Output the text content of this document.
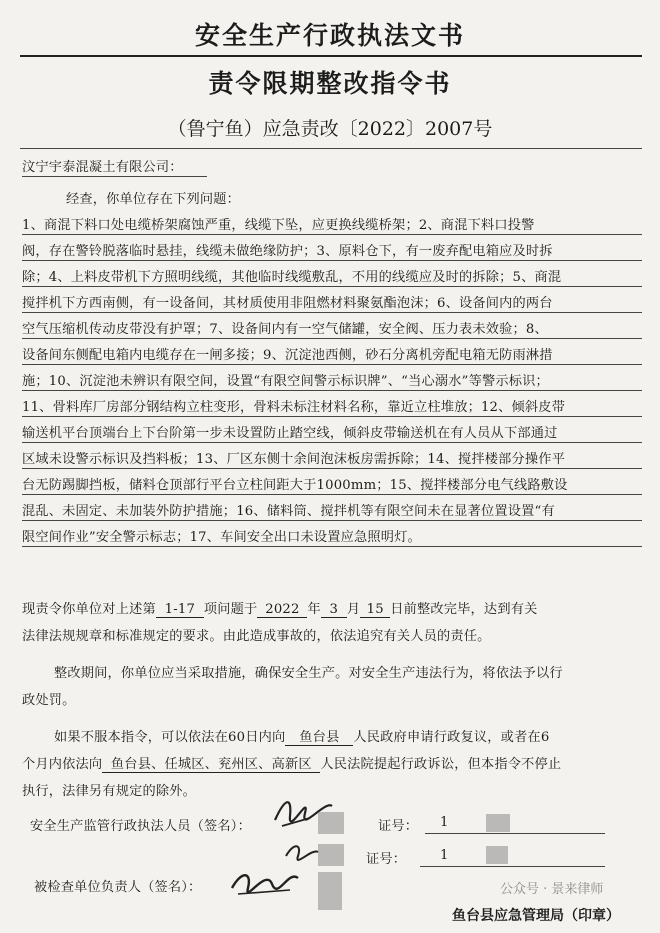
安全生产行政执法文书
责令限期整改指令书
（鲁宁鱼）应急责改〔2022〕2007号
汶宁宇泰混凝土有限公司：
经查，你单位存在下列问题：
1、商混下料口处电缆桥架腐蚀严重，线缆下坠，应更换线缆桥架；2、商混下料口投警
阀，存在警铃脱落临时悬挂，线缆未做绝缘防护；3、原料仓下，有一废弃配电箱应及时拆
除；4、上料皮带机下方照明线缆，其他临时线缆敷乱，不用的线缆应及时的拆除；5、商混
搅拌机下方西南侧，有一设备间，其材质使用非阻燃材料聚氨酯泡沫；6、设备间内的两台
空气压缩机传动皮带没有护罩；7、设备间内有一空气储罐，安全阀、压力表未效验；8、
设备间东侧配电箱内电缆存在一闸多接；9、沉淀池西侧，砂石分离机旁配电箱无防雨淋措
施；10、沉淀池未辨识有限空间，设置“有限空间警示标识牌”、“当心溺水”等警示标识；
11、骨料库厂房部分钢结构立柱变形，骨料未标注材料名称，靠近立柱堆放；12、倾斜皮带
输送机平台顶端台上下台阶第一步未设置防止踏空线，倾斜皮带输送机在有人员从下部通过
区域未设警示标识及挡料板；13、厂区东侧十余间泡沫板房需拆除；14、搅拌楼部分操作平
台无防踢脚挡板，储料仓顶部行平台立柱间距大于1000mm；15、搅拌楼部分电气线路敷设
混乱、未固定、未加装外防护措施；16、储料筒、搅拌机等有限空间未在显著位置设置“有
限空间作业”安全警示标志；17、车间安全出口未设置应急照明灯。
现责令你单位对上述第 1-17 项问题于 2022 年 3 月 15 日前整改完毕，达到有关
法律法规规章和标准规定的要求。由此造成事故的，依法追究有关人员的责任。
整改期间，你单位应当采取措施，确保安全生产。对安全生产违法行为，将依法予以行
政处罚。
如果不服本指令，可以依法在60日内向 鱼台县 人民政府申请行政复议，或者在6
个月内依法向 鱼台县、任城区、兖州区、高新区 人民法院提起行政诉讼，但本指令不停止
执行，法律另有规定的除外。
安全生产监管行政执法人员（签名）：	证号： 1
证号：	1
被检查单位负责人（签名）：
鱼台县应急管理局（印章）
公众号 · 景来律师
